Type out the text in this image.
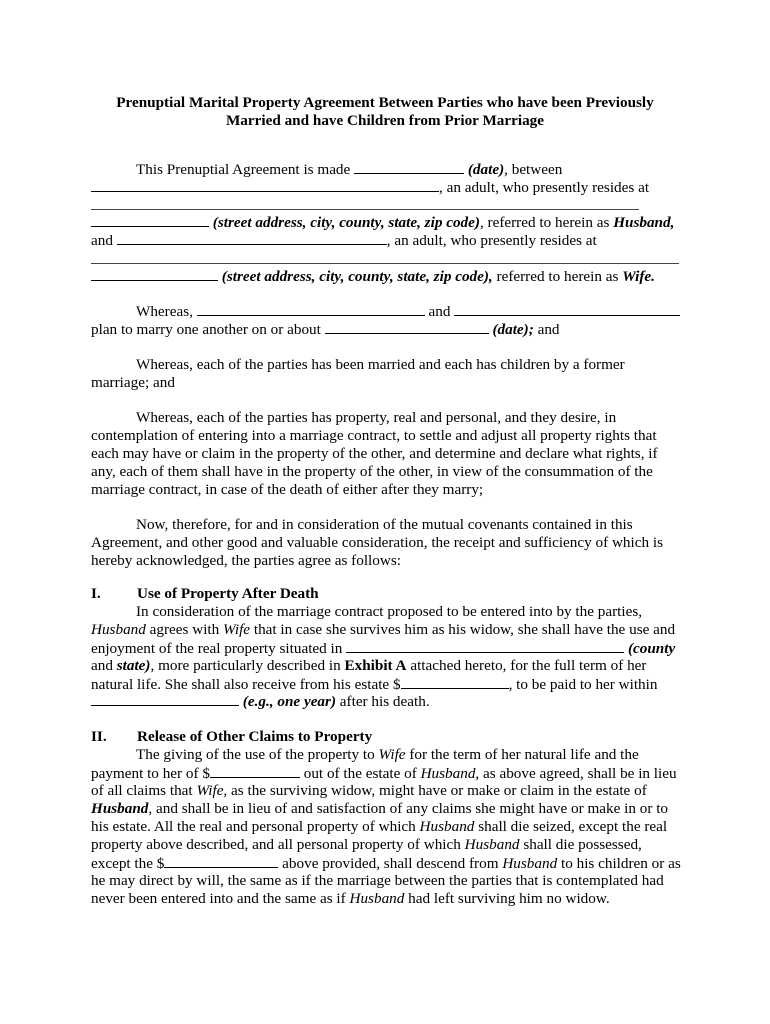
Prenuptial Marital Property Agreement Between Parties who have been Previously
Married and have Children from Prior Marriage
This Prenuptial Agreement is made	(date), between
, an adult, who presently resides at
(street address, city, county, state, zip code), referred to herein as Husband,
and	, an adult, who presently resides at
(street address, city, county, state, zip code), referred to herein as Wife.
Whereas,	and
plan to marry one another on or about	(date); and
Whereas, each of the parties has been married and each has children by a former
marriage; and
Whereas, each of the parties has property, real and personal, and they desire, in
contemplation of entering into a marriage contract, to settle and adjust all property rights that
each may have or claim in the property of the other, and determine and declare what rights, if
any, each of them shall have in the property of the other, in view of the consummation of the
marriage contract, in case of the death of either after they marry;
Now, therefore, for and in consideration of the mutual covenants contained in this
Agreement, and other good and valuable consideration, the receipt and sufficiency of which is
hereby acknowledged, the parties agree as follows:
I. Use of Property After Death
In consideration of the marriage contract proposed to be entered into by the parties,
Husband agrees with Wife that in case she survives him as his widow, she shall have the use and
enjoyment of the real property situated in	(county
and state), more particularly described in Exhibit A attached hereto, for the full term of her
natural life. She shall also receive from his estate $	, to be paid to her within
(e.g., one year) after his death.
II. Release of Other Claims to Property
The giving of the use of the property to Wife for the term of her natural life and the
payment to her of $	out of the estate of Husband, as above agreed, shall be in lieu
of all claims that Wife, as the surviving widow, might have or make or claim in the estate of
Husband, and shall be in lieu of and satisfaction of any claims she might have or make in or to
his estate. All the real and personal property of which Husband shall die seized, except the real
property above described, and all personal property of which Husband shall die possessed,
except the $	above provided, shall descend from Husband to his children or as
he may direct by will, the same as if the marriage between the parties that is contemplated had
never been entered into and the same as if Husband had left surviving him no widow.
